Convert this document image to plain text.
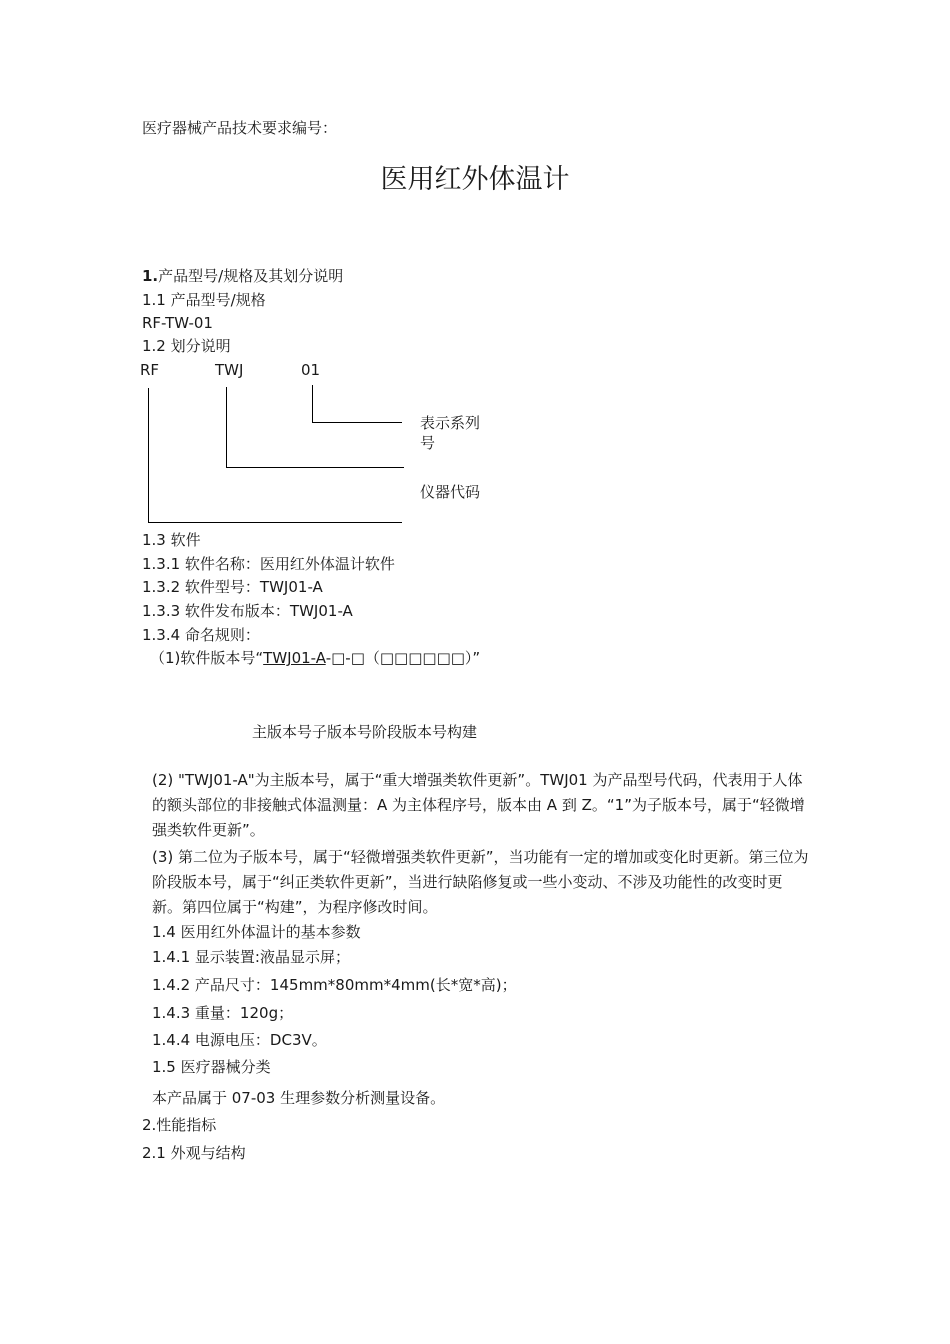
医疗器械产品技术要求编号：
医用红外体温计
1.产品型号/规格及其划分说明
1.1 产品型号/规格
RF-TW-01
1.2 划分说明
RF	TWJ	01
表示系列
号
仪器代码
1.3 软件
1.3.1 软件名称：医用红外体温计软件
1.3.2 软件型号：TWJ01-A
1.3.3 软件发布版本：TWJ01-A
1.3.4 命名规则：
（1)软件版本号“TWJ01-A-□-□（□□□□□□）”
主版本号子版本号阶段版本号构建
(2) "TWJ01-A"为主版本号，属于“重大增强类软件更新”。TWJ01 为产品型号代码，代表用于人体的额头部位的非接触式体温测量：A 为主体程序号，版本由 A 到 Z。“1”为子版本号，属于“轻微增强类软件更新”。
(3) 第二位为子版本号，属于“轻微增强类软件更新”，当功能有一定的增加或变化时更新。第三位为阶段版本号，属于“纠正类软件更新”，当进行缺陷修复或一些小变动、不涉及功能性的改变时更新。第四位属于“构建”，为程序修改时间。
1.4 医用红外体温计的基本参数
1.4.1 显示装置:液晶显示屏；
1.4.2 产品尺寸：145mm*80mm*4mm(长*宽*高)；
1.4.3 重量：120g；
1.4.4 电源电压：DC3V。
1.5 医疗器械分类
本产品属于 07-03 生理参数分析测量设备。
2.性能指标
2.1 外观与结构
